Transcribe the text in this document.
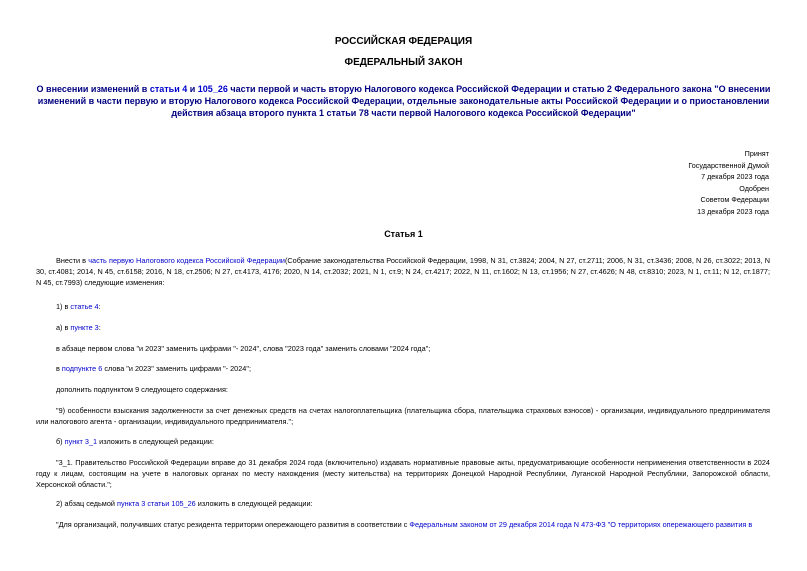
РОССИЙСКАЯ ФЕДЕРАЦИЯ
ФЕДЕРАЛЬНЫЙ ЗАКОН
О внесении изменений в статьи 4 и 105_26 части первой и часть вторую Налогового кодекса Российской Федерации и статью 2 Федерального закона "О внесении изменений в части первую и вторую Налогового кодекса Российской Федерации, отдельные законодательные акты Российской Федерации и о приостановлении действия абзаца второго пункта 1 статьи 78 части первой Налогового кодекса Российской Федерации"
Принят
Государственной Думой
7 декабря 2023 года
Одобрен
Советом Федерации
13 декабря 2023 года
Статья 1
Внести в часть первую Налогового кодекса Российской Федерации(Собрание законодательства Российской Федерации, 1998, N 31, ст.3824; 2004, N 27, ст.2711; 2006, N 31, ст.3436; 2008, N 26, ст.3022; 2013, N 30, ст.4081; 2014, N 45, ст.6158; 2016, N 18, ст.2506; N 27, ст.4173, 4176; 2020, N 14, ст.2032; 2021, N 1, ст.9; N 24, ст.4217; 2022, N 11, ст.1602; N 13, ст.1956; N 27, ст.4626; N 48, ст.8310; 2023, N 1, ст.11; N 12, ст.1877; N 45, ст.7993) следующие изменения:
1) в статье 4:
а) в пункте 3:
в абзаце первом слова "и 2023" заменить цифрами "- 2024", слова "2023 года" заменить словами "2024 года";
в подпункте 6 слова "и 2023" заменить цифрами "- 2024";
дополнить подпунктом 9 следующего содержания:
"9) особенности взыскания задолженности за счет денежных средств на счетах налогоплательщика (плательщика сбора, плательщика страховых взносов) - организации, индивидуального предпринимателя или налогового агента - организации, индивидуального предпринимателя.";
б) пункт 3_1 изложить в следующей редакции:
"3_1. Правительство Российской Федерации вправе до 31 декабря 2024 года (включительно) издавать нормативные правовые акты, предусматривающие особенности неприменения ответственности в 2024 году к лицам, состоящим на учете в налоговых органах по месту нахождения (месту жительства) на территориях Донецкой Народной Республики, Луганской Народной Республики, Запорожской области, Херсонской области.";
2) абзац седьмой пункта 3 статьи 105_26 изложить в следующей редакции:
"Для организаций, получивших статус резидента территории опережающего развития в соответствии с Федеральным законом от 29 декабря 2014 года N 473-ФЗ "О территориях опережающего развития в
